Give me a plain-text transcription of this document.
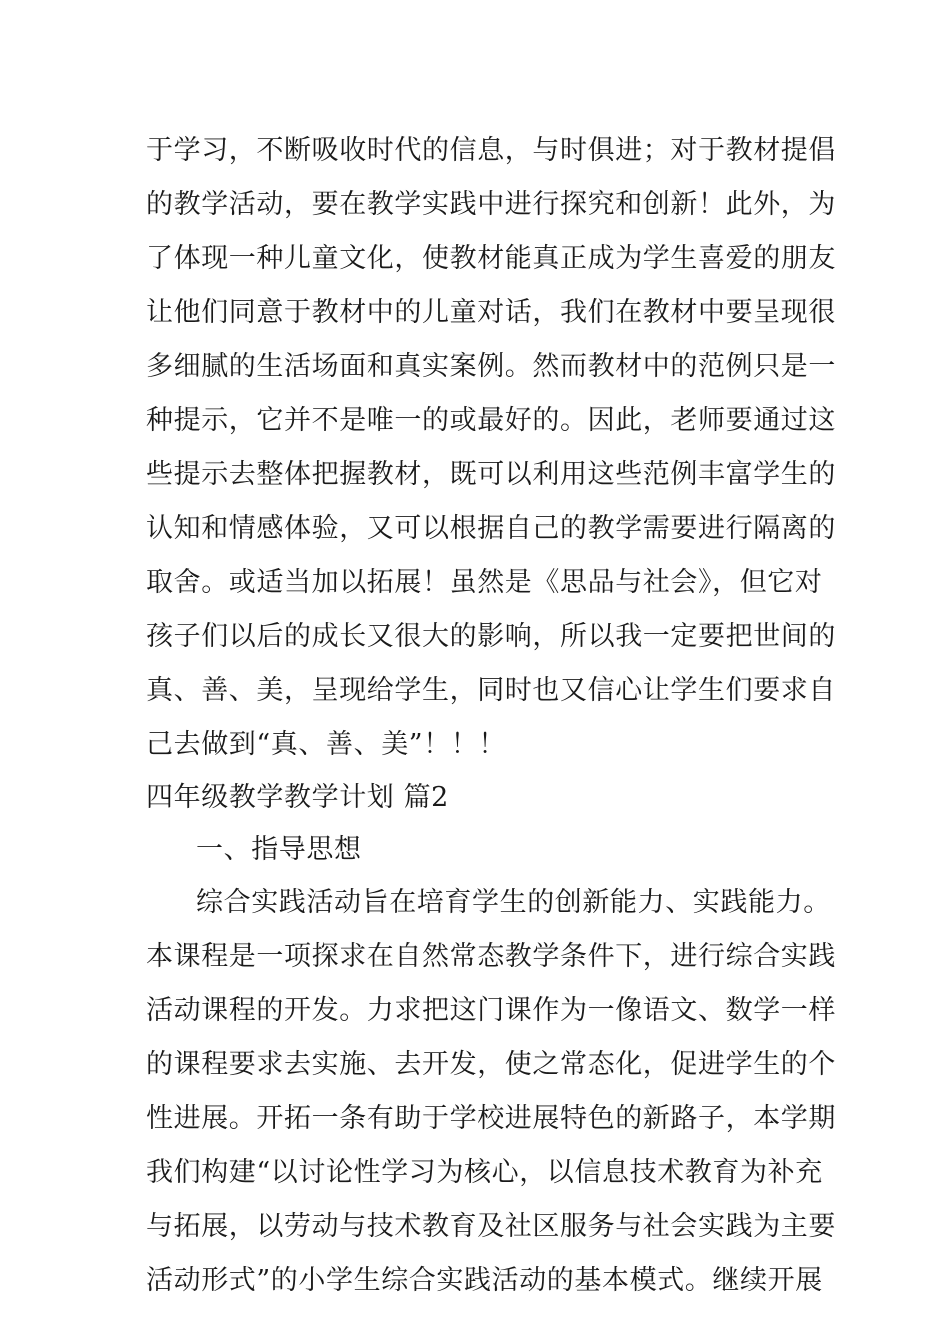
于学习，不断吸收时代的信息，与时俱进；对于教材提倡
的教学活动，要在教学实践中进行探究和创新！此外，为
了体现一种儿童文化，使教材能真正成为学生喜爱的朋友
让他们同意于教材中的儿童对话，我们在教材中要呈现很
多细腻的生活场面和真实案例。然而教材中的范例只是一
种提示，它并不是唯一的或最好的。因此，老师要通过这
些提示去整体把握教材，既可以利用这些范例丰富学生的
认知和情感体验，又可以根据自己的教学需要进行隔离的
取舍。或适当加以拓展！虽然是《思品与社会》，但它对
孩子们以后的成长又很大的影响，所以我一定要把世间的
真、善、美，呈现给学生，同时也又信心让学生们要求自
己去做到“真、善、美”！！！
四年级教学教学计划 篇2
一、指导思想
综合实践活动旨在培育学生的创新能力、实践能力。
本课程是一项探求在自然常态教学条件下，进行综合实践
活动课程的开发。力求把这门课作为一像语文、数学一样
的课程要求去实施、去开发，使之常态化，促进学生的个
性进展。开拓一条有助于学校进展特色的新路子，本学期
我们构建“以讨论性学习为核心，以信息技术教育为补充
与拓展，以劳动与技术教育及社区服务与社会实践为主要
活动形式”的小学生综合实践活动的基本模式。继续开展
